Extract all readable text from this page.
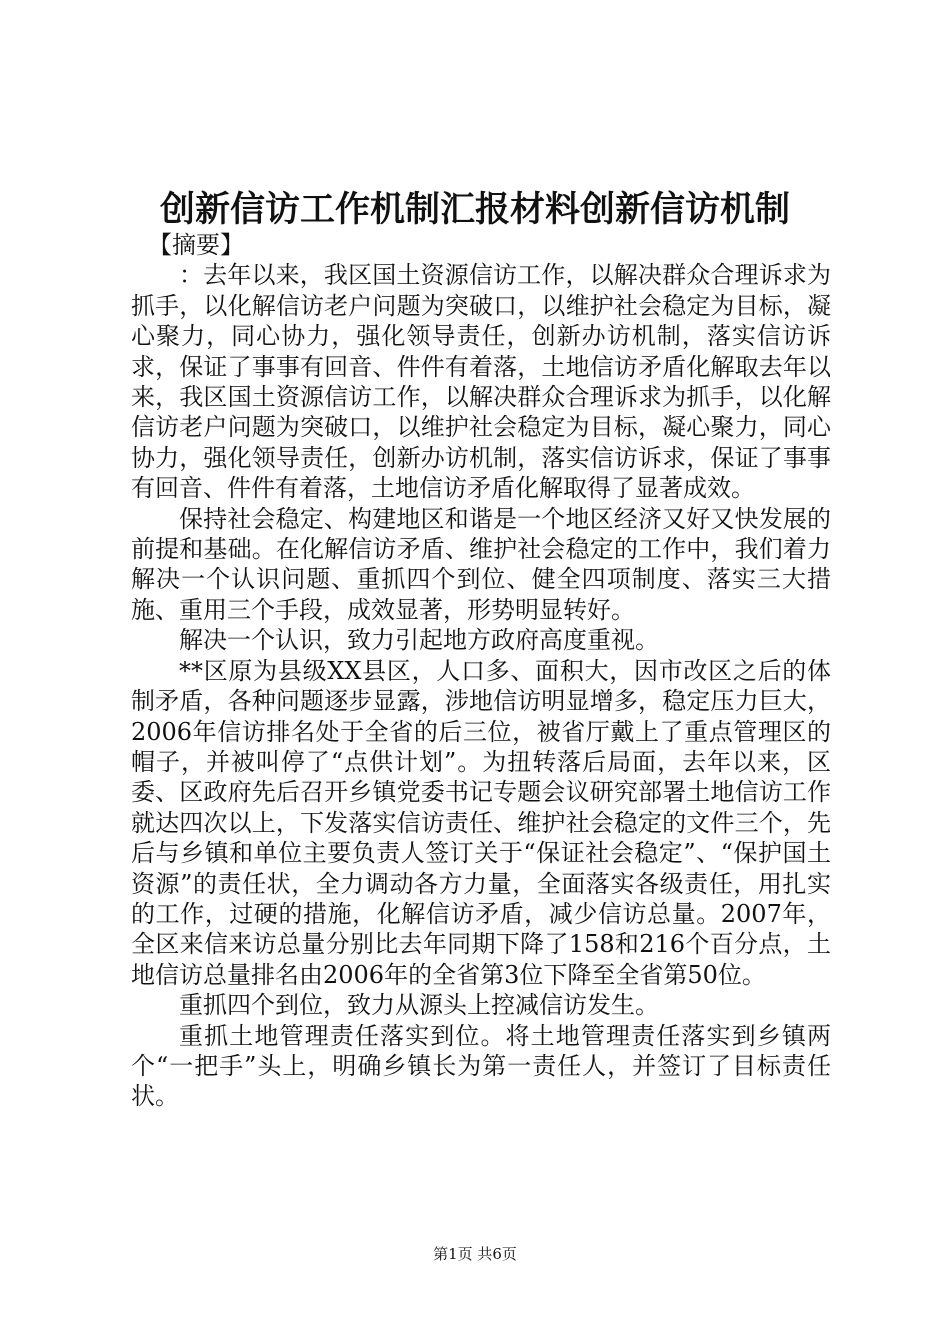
创新信访工作机制汇报材料创新信访机制

【摘要】

：去年以来，我区国土资源信访工作，以解决群众合理诉求为抓手，以化解信访老户问题为突破口，以维护社会稳定为目标，凝心聚力，同心协力，强化领导责任，创新办访机制，落实信访诉求，保证了事事有回音、件件有着落，土地信访矛盾化解取去年以来，我区国土资源信访工作，以解决群众合理诉求为抓手，以化解信访老户问题为突破口，以维护社会稳定为目标，凝心聚力，同心协力，强化领导责任，创新办访机制，落实信访诉求，保证了事事有回音、件件有着落，土地信访矛盾化解取得了显著成效。

保持社会稳定、构建地区和谐是一个地区经济又好又快发展的前提和基础。在化解信访矛盾、维护社会稳定的工作中，我们着力解决一个认识问题、重抓四个到位、健全四项制度、落实三大措施、重用三个手段，成效显著，形势明显转好。

解决一个认识，致力引起地方政府高度重视。

**区原为县级XX县区，人口多、面积大，因市改区之后的体制矛盾，各种问题逐步显露，涉地信访明显增多，稳定压力巨大，2006年信访排名处于全省的后三位，被省厅戴上了重点管理区的帽子，并被叫停了“点供计划”。为扭转落后局面，去年以来，区委、区政府先后召开乡镇党委书记专题会议研究部署土地信访工作就达四次以上，下发落实信访责任、维护社会稳定的文件三个，先后与乡镇和单位主要负责人签订关于“保证社会稳定”、“保护国土资源”的责任状，全力调动各方力量，全面落实各级责任，用扎实的工作，过硬的措施，化解信访矛盾，减少信访总量。2007年，全区来信来访总量分别比去年同期下降了158和216个百分点，土地信访总量排名由2006年的全省第3位下降至全省第50位。

重抓四个到位，致力从源头上控减信访发生。

重抓土地管理责任落实到位。将土地管理责任落实到乡镇两个“一把手”头上，明确乡镇长为第一责任人，并签订了目标责任状。

第1页 共6页
